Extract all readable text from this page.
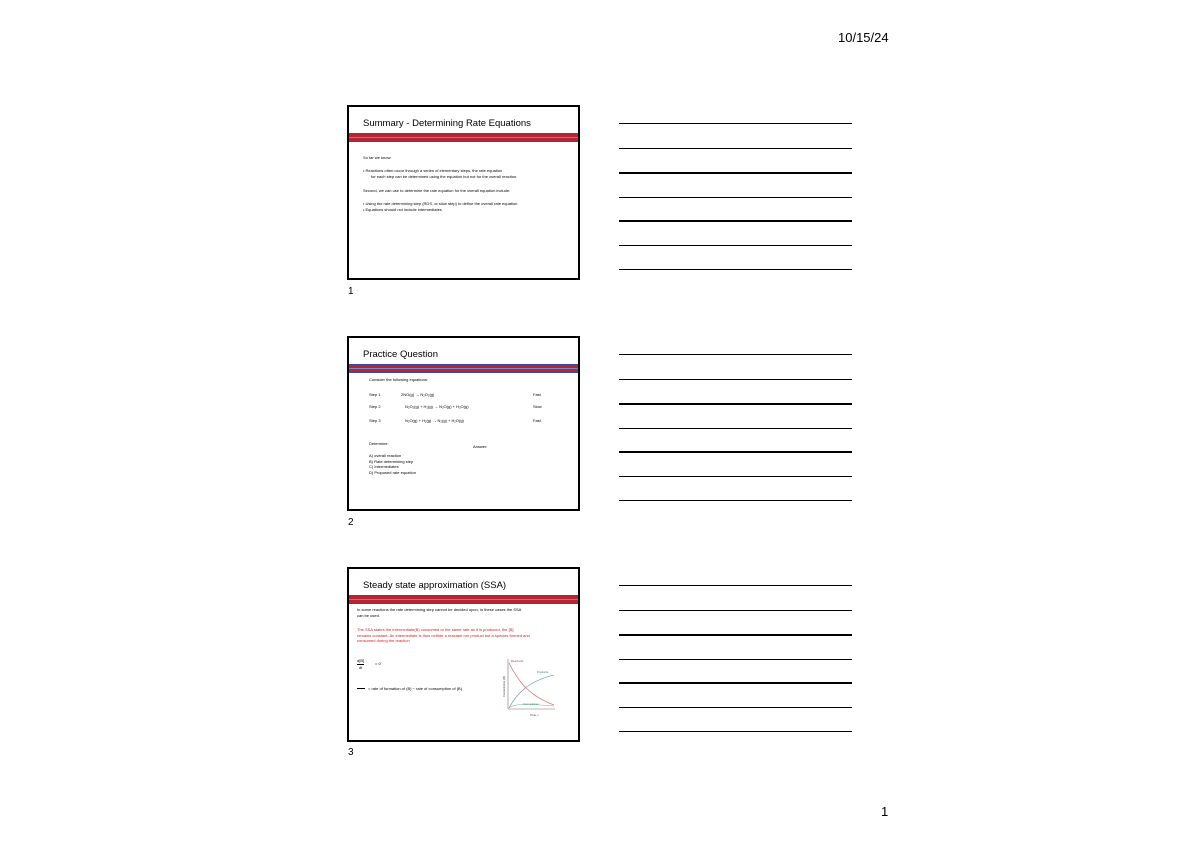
10/15/24
Summary - Determining Rate Equations
So far we know:
• Reactions often occur through a series of elementary steps, the rate equation
for each step can be determined using the equation but not for the overall reaction.
Second, we can use to determine the rate equation for the overall equation include:
• Using the rate determining step (RDS, or slow step) to define the overall rate equation
• Equations should not include intermediates
1
Practice Question
Consider the following equations:
Step 1	2NO(g) → N₂O₂(g)	Fast
Step 2	N₂O₂(g) + H₂(g) → N₂O(g) + H₂O(g)	Slow
Step 3	N₂O(g) + H₂(g) → N₂(g) + H₂O(g)	Fast
Determine:
Answer:
A) overall reaction
B) Rate determining step
C) Intermediates
D) Proposed rate equation
2
Steady state approximation (SSA)
In some reactions the rate determining step cannot be decided upon, in these cases the SSA
can be used.
The SSA states the intermediate(B) consumed or the same rate as it is produced, the [B]
remains constant. An intermediate is thus neither a reactant nor product but a species formed and
consumed during the reaction
d[B]
dt
= 0
= rate of formation of (B) − rate of consumption of (B)
Reactants
Products
Intermediates
Time, t
Concentration (M)
3
1
